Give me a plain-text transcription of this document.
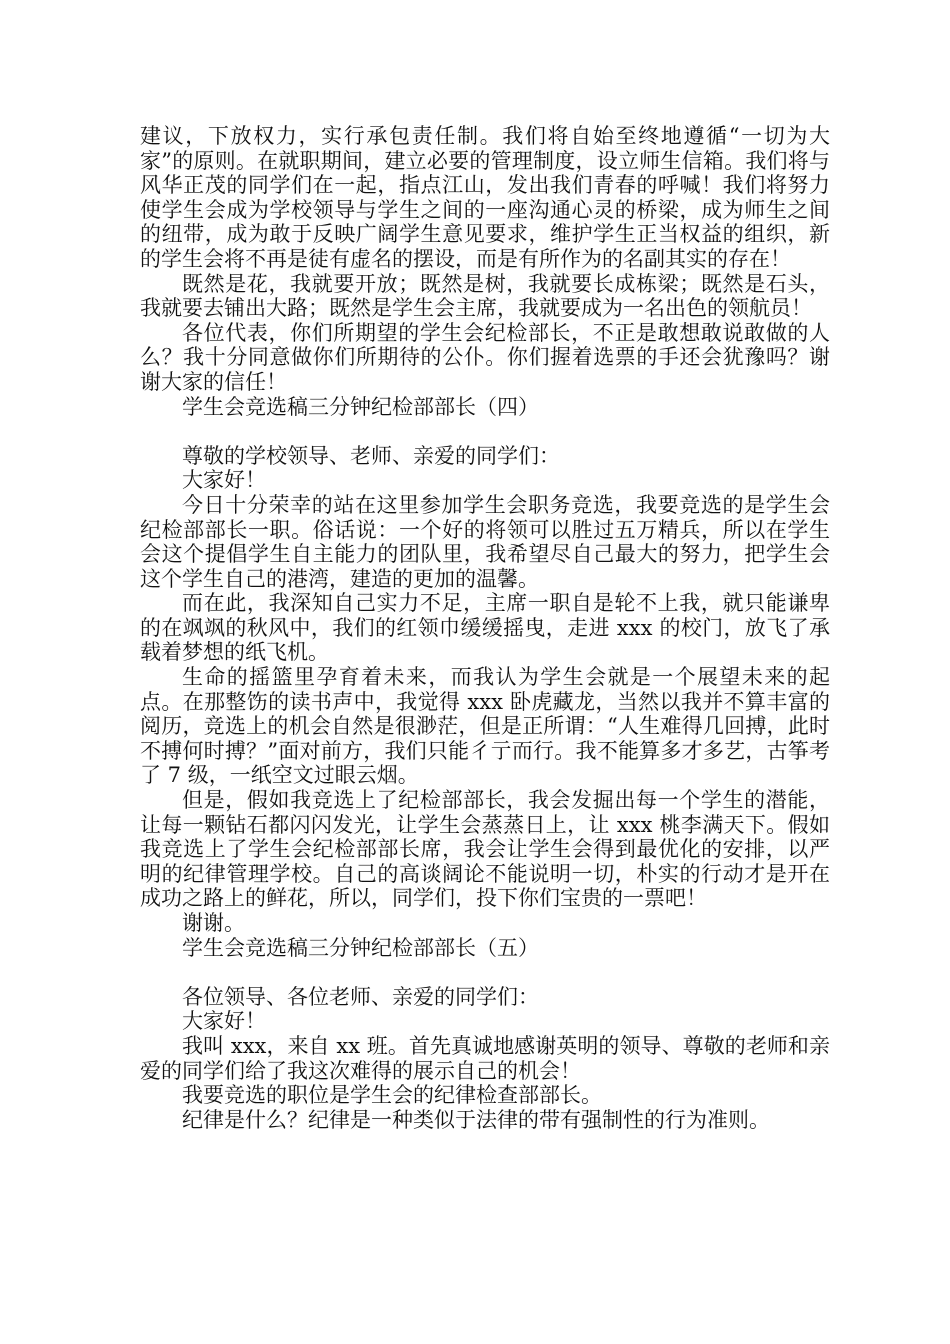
建议，下放权力，实行承包责任制。我们将自始至终地遵循“一切为大家”的原则。在就职期间，建立必要的管理制度，设立师生信箱。我们将与风华正茂的同学们在一起，指点江山，发出我们青春的呼喊！我们将努力使学生会成为学校领导与学生之间的一座沟通心灵的桥梁，成为师生之间的纽带，成为敢于反映广阔学生意见要求，维护学生正当权益的组织，新的学生会将不再是徒有虚名的摆设，而是有所作为的名副其实的存在！

既然是花，我就要开放；既然是树，我就要长成栋梁；既然是石头，我就要去铺出大路；既然是学生会主席，我就要成为一名出色的领航员！

各位代表，你们所期望的学生会纪检部长，不正是敢想敢说敢做的人么？我十分同意做你们所期待的公仆。你们握着选票的手还会犹豫吗？谢谢大家的信任！

学生会竞选稿三分钟纪检部部长（四）

尊敬的学校领导、老师、亲爱的同学们：

大家好！

今日十分荣幸的站在这里参加学生会职务竞选，我要竞选的是学生会纪检部部长一职。俗话说：一个好的将领可以胜过五万精兵，所以在学生会这个提倡学生自主能力的团队里，我希望尽自己最大的努力，把学生会这个学生自己的港湾，建造的更加的温馨。

而在此，我深知自己实力不足，主席一职自是轮不上我，就只能谦卑的在飒飒的秋风中，我们的红领巾缓缓摇曳，走进 xxx 的校门，放飞了承载着梦想的纸飞机。

生命的摇篮里孕育着未来，而我认为学生会就是一个展望未来的起点。在那整饬的读书声中，我觉得 xxx 卧虎藏龙，当然以我并不算丰富的阅历，竞选上的机会自然是很渺茫，但是正所谓：“人生难得几回搏，此时不搏何时搏？”面对前方，我们只能彳亍而行。我不能算多才多艺，古筝考了 7 级，一纸空文过眼云烟。

但是，假如我竞选上了纪检部部长，我会发掘出每一个学生的潜能，让每一颗钻石都闪闪发光，让学生会蒸蒸日上，让 xxx 桃李满天下。假如我竞选上了学生会纪检部部长席，我会让学生会得到最优化的安排，以严明的纪律管理学校。自己的高谈阔论不能说明一切，朴实的行动才是开在成功之路上的鲜花，所以，同学们，投下你们宝贵的一票吧！

谢谢。

学生会竞选稿三分钟纪检部部长（五）

各位领导、各位老师、亲爱的同学们：

大家好！

我叫 xxx，来自 xx 班。首先真诚地感谢英明的领导、尊敬的老师和亲爱的同学们给了我这次难得的展示自己的机会！

我要竞选的职位是学生会的纪律检查部部长。

纪律是什么？纪律是一种类似于法律的带有强制性的行为准则。
